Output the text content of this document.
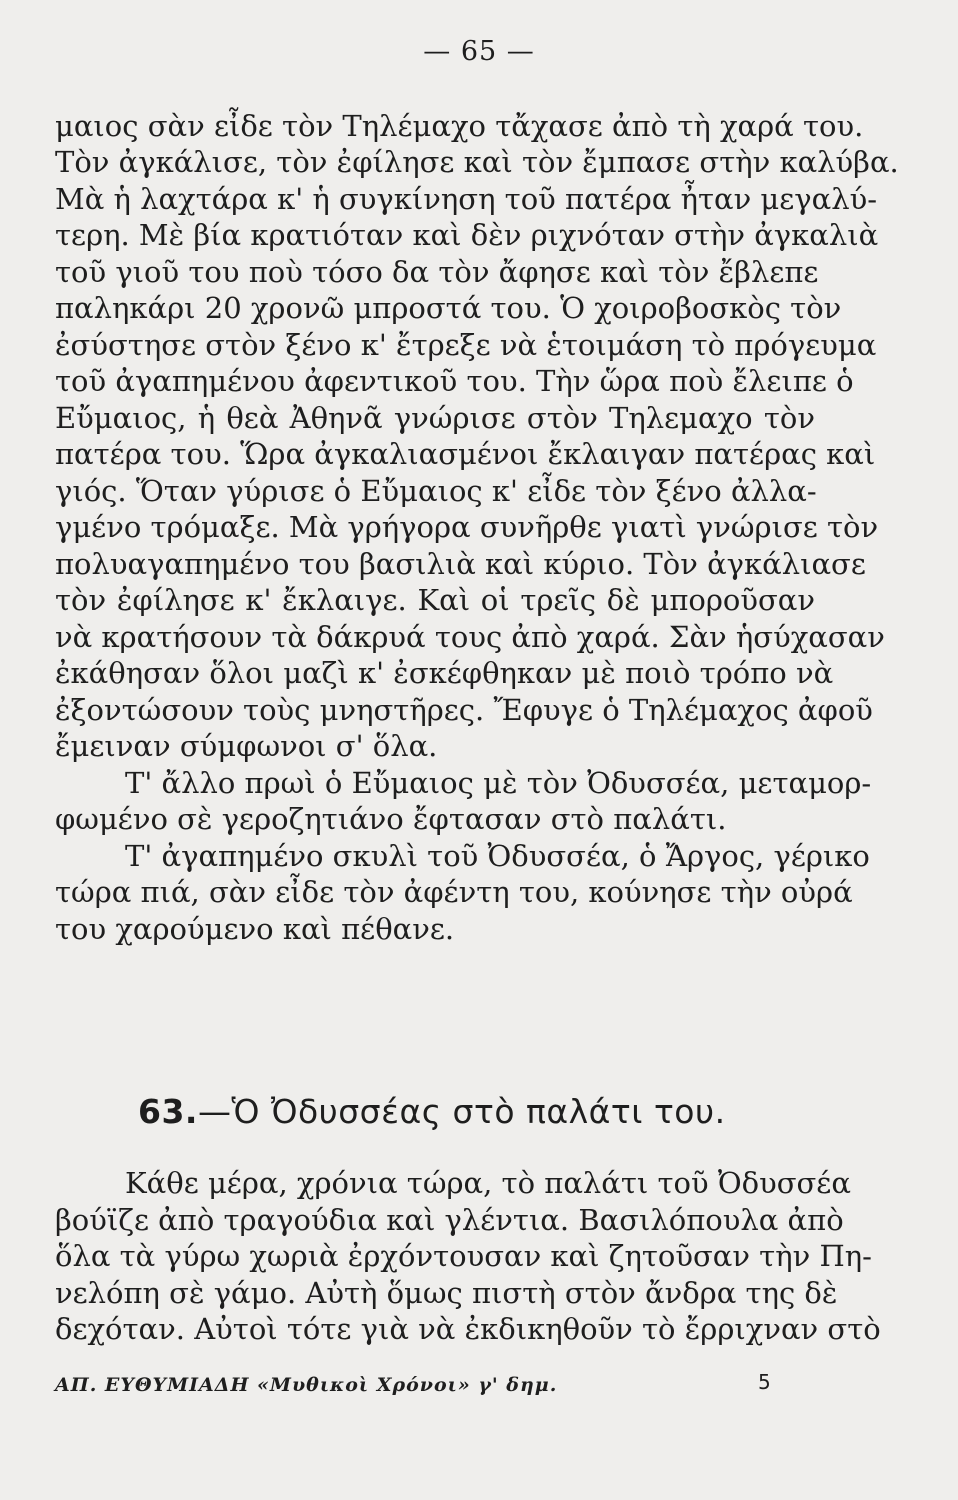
— 65 —
μαιος σὰν εἶδε τὸν Τηλέμαχο τἄχασε ἀπὸ τὴ χαρά του.
Τὸν ἀγκάλισε, τὸν ἐφίλησε καὶ τὸν ἔμπασε στὴν καλύβα.
Μὰ ἡ λαχτάρα κ' ἡ συγκίνηση τοῦ πατέρα ἦταν μεγαλύ-
τερη. Μὲ βία κρατιόταν καὶ δὲν ριχνόταν στὴν ἀγκαλιὰ
τοῦ γιοῦ του ποὺ τόσο δα τὸν ἄφησε καὶ τὸν ἔβλεπε
παληκάρι 20 χρονῶ μπροστά του. Ὁ χοιροβοσκὸς τὸν
ἐσύστησε στὸν ξένο κ' ἔτρεξε νὰ ἑτοιμάση τὸ πρόγευμα
τοῦ ἀγαπημένου ἀφεντικοῦ του. Τὴν ὥρα ποὺ ἔλειπε ὁ
Εὔμαιος, ἡ θεὰ Ἀθηνᾶ γνώρισε στὸν Τηλεμαχο τὸν
πατέρα του. Ὥρα ἀγκαλιασμένοι ἔκλαιγαν πατέρας καὶ
γιός. Ὅταν γύρισε ὁ Εὔμαιος κ' εἶδε τὸν ξένο ἀλλα-
γμένο τρόμαξε. Μὰ γρήγορα συνῆρθε γιατὶ γνώρισε τὸν
πολυαγαπημένο του βασιλιὰ καὶ κύριο. Τὸν ἀγκάλιασε
τὸν ἐφίλησε κ' ἔκλαιγε. Καὶ οἱ τρεῖς δὲ μποροῦσαν
νὰ κρατήσουν τὰ δάκρυά τους ἀπὸ χαρά. Σὰν ἡσύχασαν
ἐκάθησαν ὅλοι μαζὶ κ' ἐσκέφθηκαν μὲ ποιὸ τρόπο νὰ
ἐξοντώσουν τοὺς μνηστῆρες. Ἔφυγε ὁ Τηλέμαχος ἀφοῦ
ἔμειναν σύμφωνοι σ' ὅλα.
Τ' ἄλλο πρωὶ ὁ Εὔμαιος μὲ τὸν Ὀδυσσέα, μεταμορ-
φωμένο σὲ γεροζητιάνο ἔφτασαν στὸ παλάτι.
Τ' ἀγαπημένο σκυλὶ τοῦ Ὀδυσσέα, ὁ Ἄργος, γέρικο
τώρα πιά, σὰν εἶδε τὸν ἀφέντη του, κούνησε τὴν οὐρά
του χαρούμενο καὶ πέθανε.
63.—Ὁ Ὀδυσσέας στὸ παλάτι του.
Κάθε μέρα, χρόνια τώρα, τὸ παλάτι τοῦ Ὀδυσσέα
βούϊζε ἀπὸ τραγούδια καὶ γλέντια. Βασιλόπουλα ἀπὸ
ὅλα τὰ γύρω χωριὰ ἐρχόντουσαν καὶ ζητοῦσαν τὴν Πη-
νελόπη σὲ γάμο. Αὐτὴ ὅμως πιστὴ στὸν ἄνδρα της δὲ
δεχόταν. Αὐτοὶ τότε γιὰ νὰ ἐκδικηθοῦν τὸ ἔρριχναν στὸ
ΑΠ. ΕΥΘΥΜΙΑΔΗ «Μυθικοὶ Χρόνοι» γ' δημ.	5
